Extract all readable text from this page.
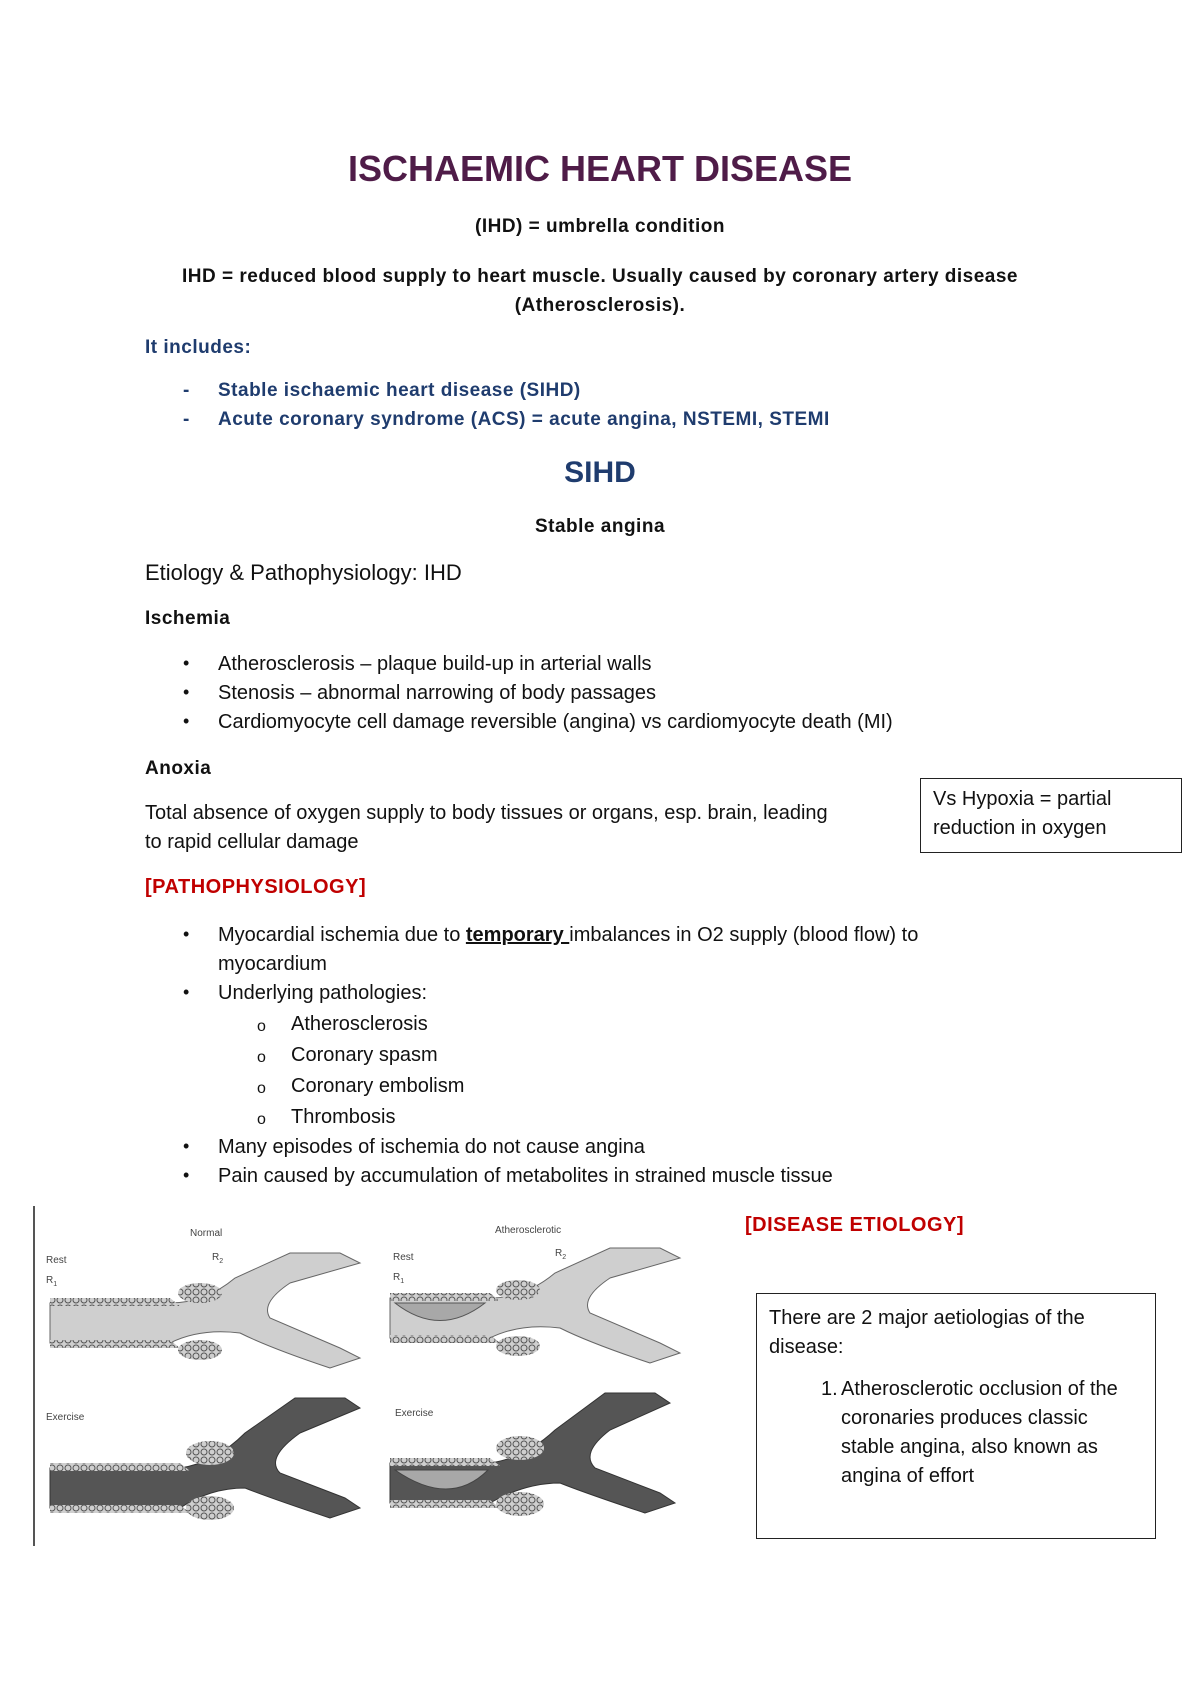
ISCHAEMIC HEART DISEASE
(IHD) = umbrella condition
IHD = reduced blood supply to heart muscle. Usually caused by coronary artery disease (Atherosclerosis).
It includes:
- Stable ischaemic heart disease (SIHD)
- Acute coronary syndrome (ACS) = acute angina, NSTEMI, STEMI
SIHD
Stable angina
Etiology & Pathophysiology: IHD
Ischemia
• Atherosclerosis – plaque build-up in arterial walls
• Stenosis – abnormal narrowing of body passages
• Cardiomyocyte cell damage reversible (angina) vs cardiomyocyte death (MI)
Anoxia
Total absence of oxygen supply to body tissues or organs, esp. brain, leading to rapid cellular damage
Vs Hypoxia = partial reduction in oxygen
[PATHOPHYSIOLOGY]
• Myocardial ischemia due to temporary imbalances in O2 supply (blood flow) to myocardium
• Underlying pathologies:
o Atherosclerosis
o Coronary spasm
o Coronary embolism
o Thrombosis
• Many episodes of ischemia do not cause angina
• Pain caused by accumulation of metabolites in strained muscle tissue
Normal	Atherosclerotic
Rest	Rest
$R_1$
$R_1$
$R_2$
$R_2$
Exercise	Exercise
[DISEASE ETIOLOGY]
There are 2 major aetiologias of the disease:
1. Atherosclerotic occlusion of the coronaries produces classic stable angina, also known as angina of effort
